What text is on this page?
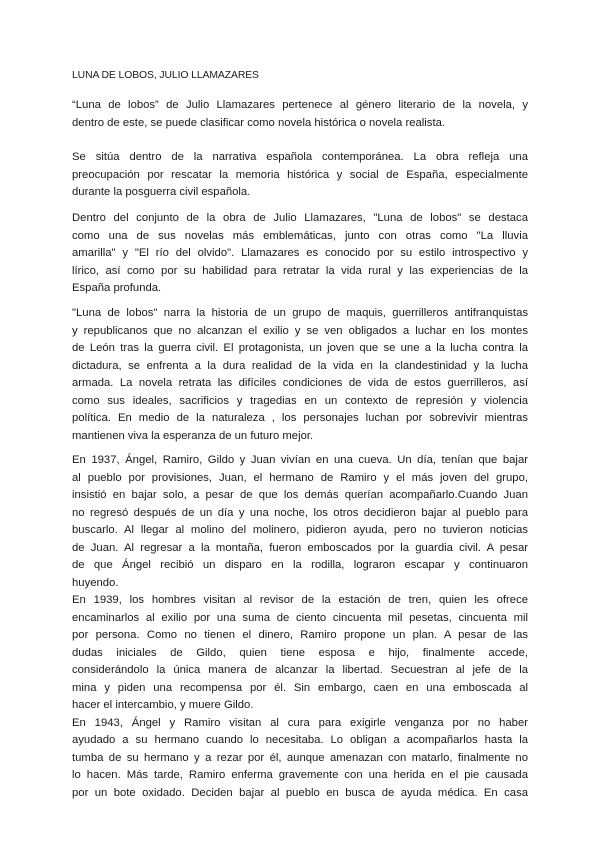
LUNA DE LOBOS, JULIO LLAMAZARES

“Luna de lobos” de Julio Llamazares pertenece al género literario de la novela, y
dentro de este, se puede clasificar como novela histórica o novela realista.

Se sitúa dentro de la narrativa española contemporánea. La obra refleja una
preocupación por rescatar la memoria histórica y social de España, especialmente
durante la posguerra civil española.

Dentro del conjunto de la obra de Julio Llamazares, "Luna de lobos" se destaca
como una de sus novelas más emblemáticas, junto con otras como "La lluvia
amarilla" y "El río del olvido". Llamazares es conocido por su estilo introspectivo y
lírico, así como por su habilidad para retratar la vida rural y las experiencias de la
España profunda.

"Luna de lobos" narra la historia de un grupo de maquis, guerrilleros antifranquistas
y republicanos que no alcanzan el exilio y se ven obligados a luchar en los montes
de León tras la guerra civil. El protagonista, un joven que se une a la lucha contra la
dictadura, se enfrenta a la dura realidad de la vida en la clandestinidad y la lucha
armada. La novela retrata las difíciles condiciones de vida de estos guerrilleros, así
como sus ideales, sacrificios y tragedias en un contexto de represión y violencia
política. En medio de la naturaleza , los personajes luchan por sobrevivir mientras
mantienen viva la esperanza de un futuro mejor.

En 1937, Ángel, Ramiro, Gildo y Juan vivían en una cueva. Un día, tenían que bajar
al pueblo por provisiones, Juan, el hermano de Ramiro y el más joven del grupo,
insistió en bajar solo, a pesar de que los demás querían acompañarlo.Cuando Juan
no regresó después de un día y una noche, los otros decidieron bajar al pueblo para
buscarlo. Al llegar al molino del molinero, pidieron ayuda, pero no tuvieron noticias
de Juan. Al regresar a la montaña, fueron emboscados por la guardia civil. A pesar
de que Ángel recibió un disparo en la rodilla, lograron escapar y continuaron
huyendo.
En 1939, los hombres visitan al revisor de la estación de tren, quien les ofrece
encaminarlos al exilio por una suma de ciento cincuenta mil pesetas, cincuenta mil
por persona. Como no tienen el dinero, Ramiro propone un plan. A pesar de las
dudas iniciales de Gildo, quien tiene esposa e hijo, finalmente accede,
considerándolo la única manera de alcanzar la libertad. Secuestran al jefe de la
mina y piden una recompensa por él. Sin embargo, caen en una emboscada al
hacer el intercambio, y muere Gildo.
En 1943, Ángel y Ramiro visitan al cura para exigirle venganza por no haber
ayudado a su hermano cuando lo necesitaba. Lo obligan a acompañarlos hasta la
tumba de su hermano y a rezar por él, aunque amenazan con matarlo, finalmente no
lo hacen. Más tarde, Ramiro enferma gravemente con una herida en el pie causada
por un bote oxidado. Deciden bajar al pueblo en busca de ayuda médica. En casa
